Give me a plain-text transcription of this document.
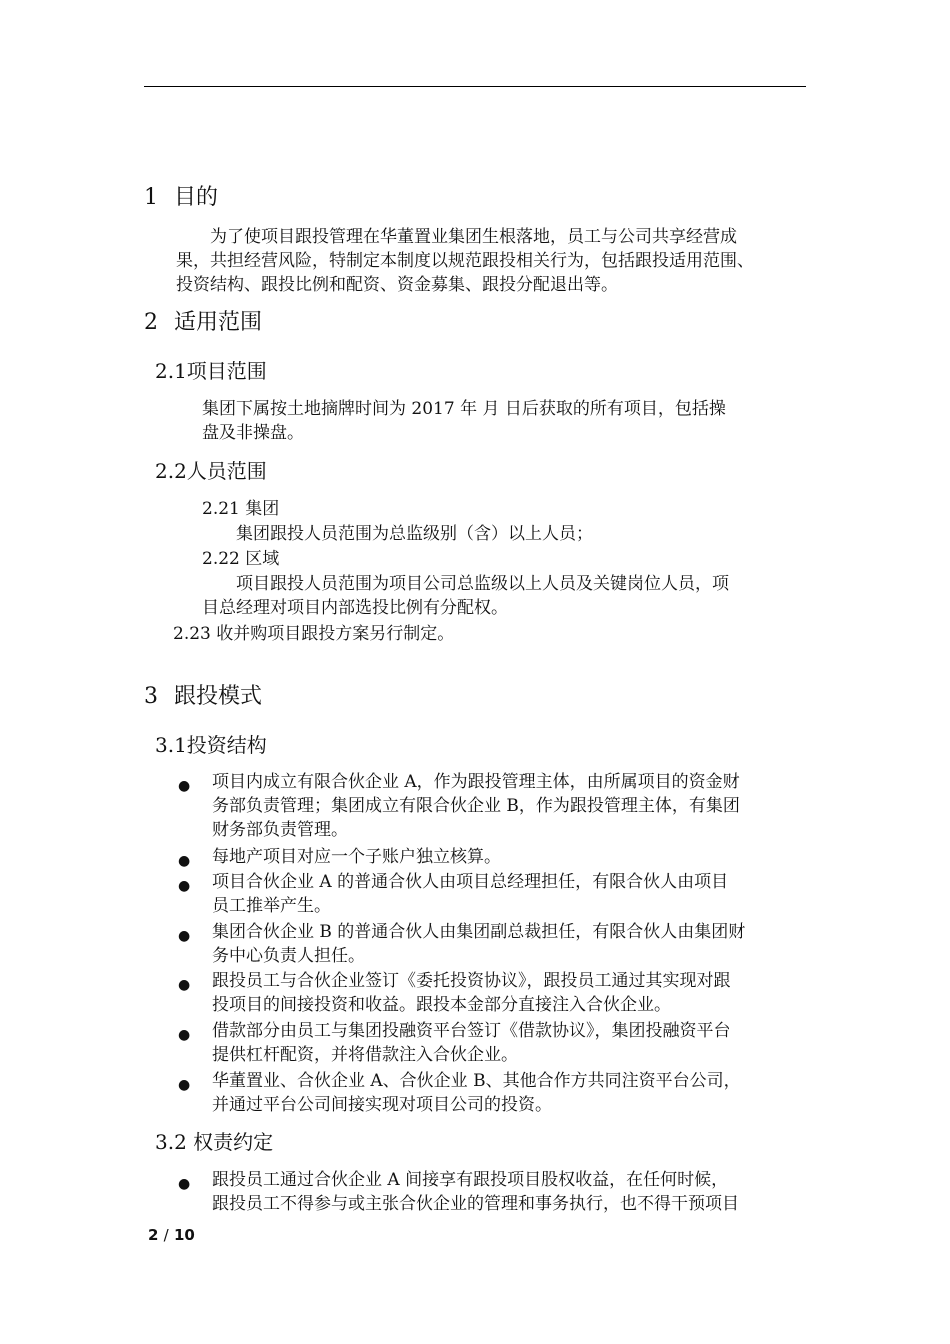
1 目的
为了使项目跟投管理在华董置业集团生根落地，员工与公司共享经营成
果，共担经营风险，特制定本制度以规范跟投相关行为，包括跟投适用范围、
投资结构、跟投比例和配资、资金募集、跟投分配退出等。
2 适用范围
2.1项目范围
集团下属按土地摘牌时间为 2017 年 月 日后获取的所有项目，包括操
盘及非操盘。
2.2人员范围
2.21 集团
集团跟投人员范围为总监级别（含）以上人员；
2.22 区域
项目跟投人员范围为项目公司总监级以上人员及关键岗位人员，项
目总经理对项目内部选投比例有分配权。
2.23 收并购项目跟投方案另行制定。
3 跟投模式
3.1投资结构
● 项目内成立有限合伙企业 A，作为跟投管理主体，由所属项目的资金财
务部负责管理；集团成立有限合伙企业 B，作为跟投管理主体，有集团
财务部负责管理。
● 每地产项目对应一个子账户独立核算。
● 项目合伙企业 A 的普通合伙人由项目总经理担任，有限合伙人由项目
员工推举产生。
● 集团合伙企业 B 的普通合伙人由集团副总裁担任，有限合伙人由集团财
务中心负责人担任。
● 跟投员工与合伙企业签订《委托投资协议》，跟投员工通过其实现对跟
投项目的间接投资和收益。跟投本金部分直接注入合伙企业。
● 借款部分由员工与集团投融资平台签订《借款协议》，集团投融资平台
提供杠杆配资，并将借款注入合伙企业。
● 华董置业、合伙企业 A、合伙企业 B、其他合作方共同注资平台公司，
并通过平台公司间接实现对项目公司的投资。
3.2 权责约定
● 跟投员工通过合伙企业 A 间接享有跟投项目股权收益，在任何时候，
跟投员工不得参与或主张合伙企业的管理和事务执行，也不得干预项目
2 / 10
